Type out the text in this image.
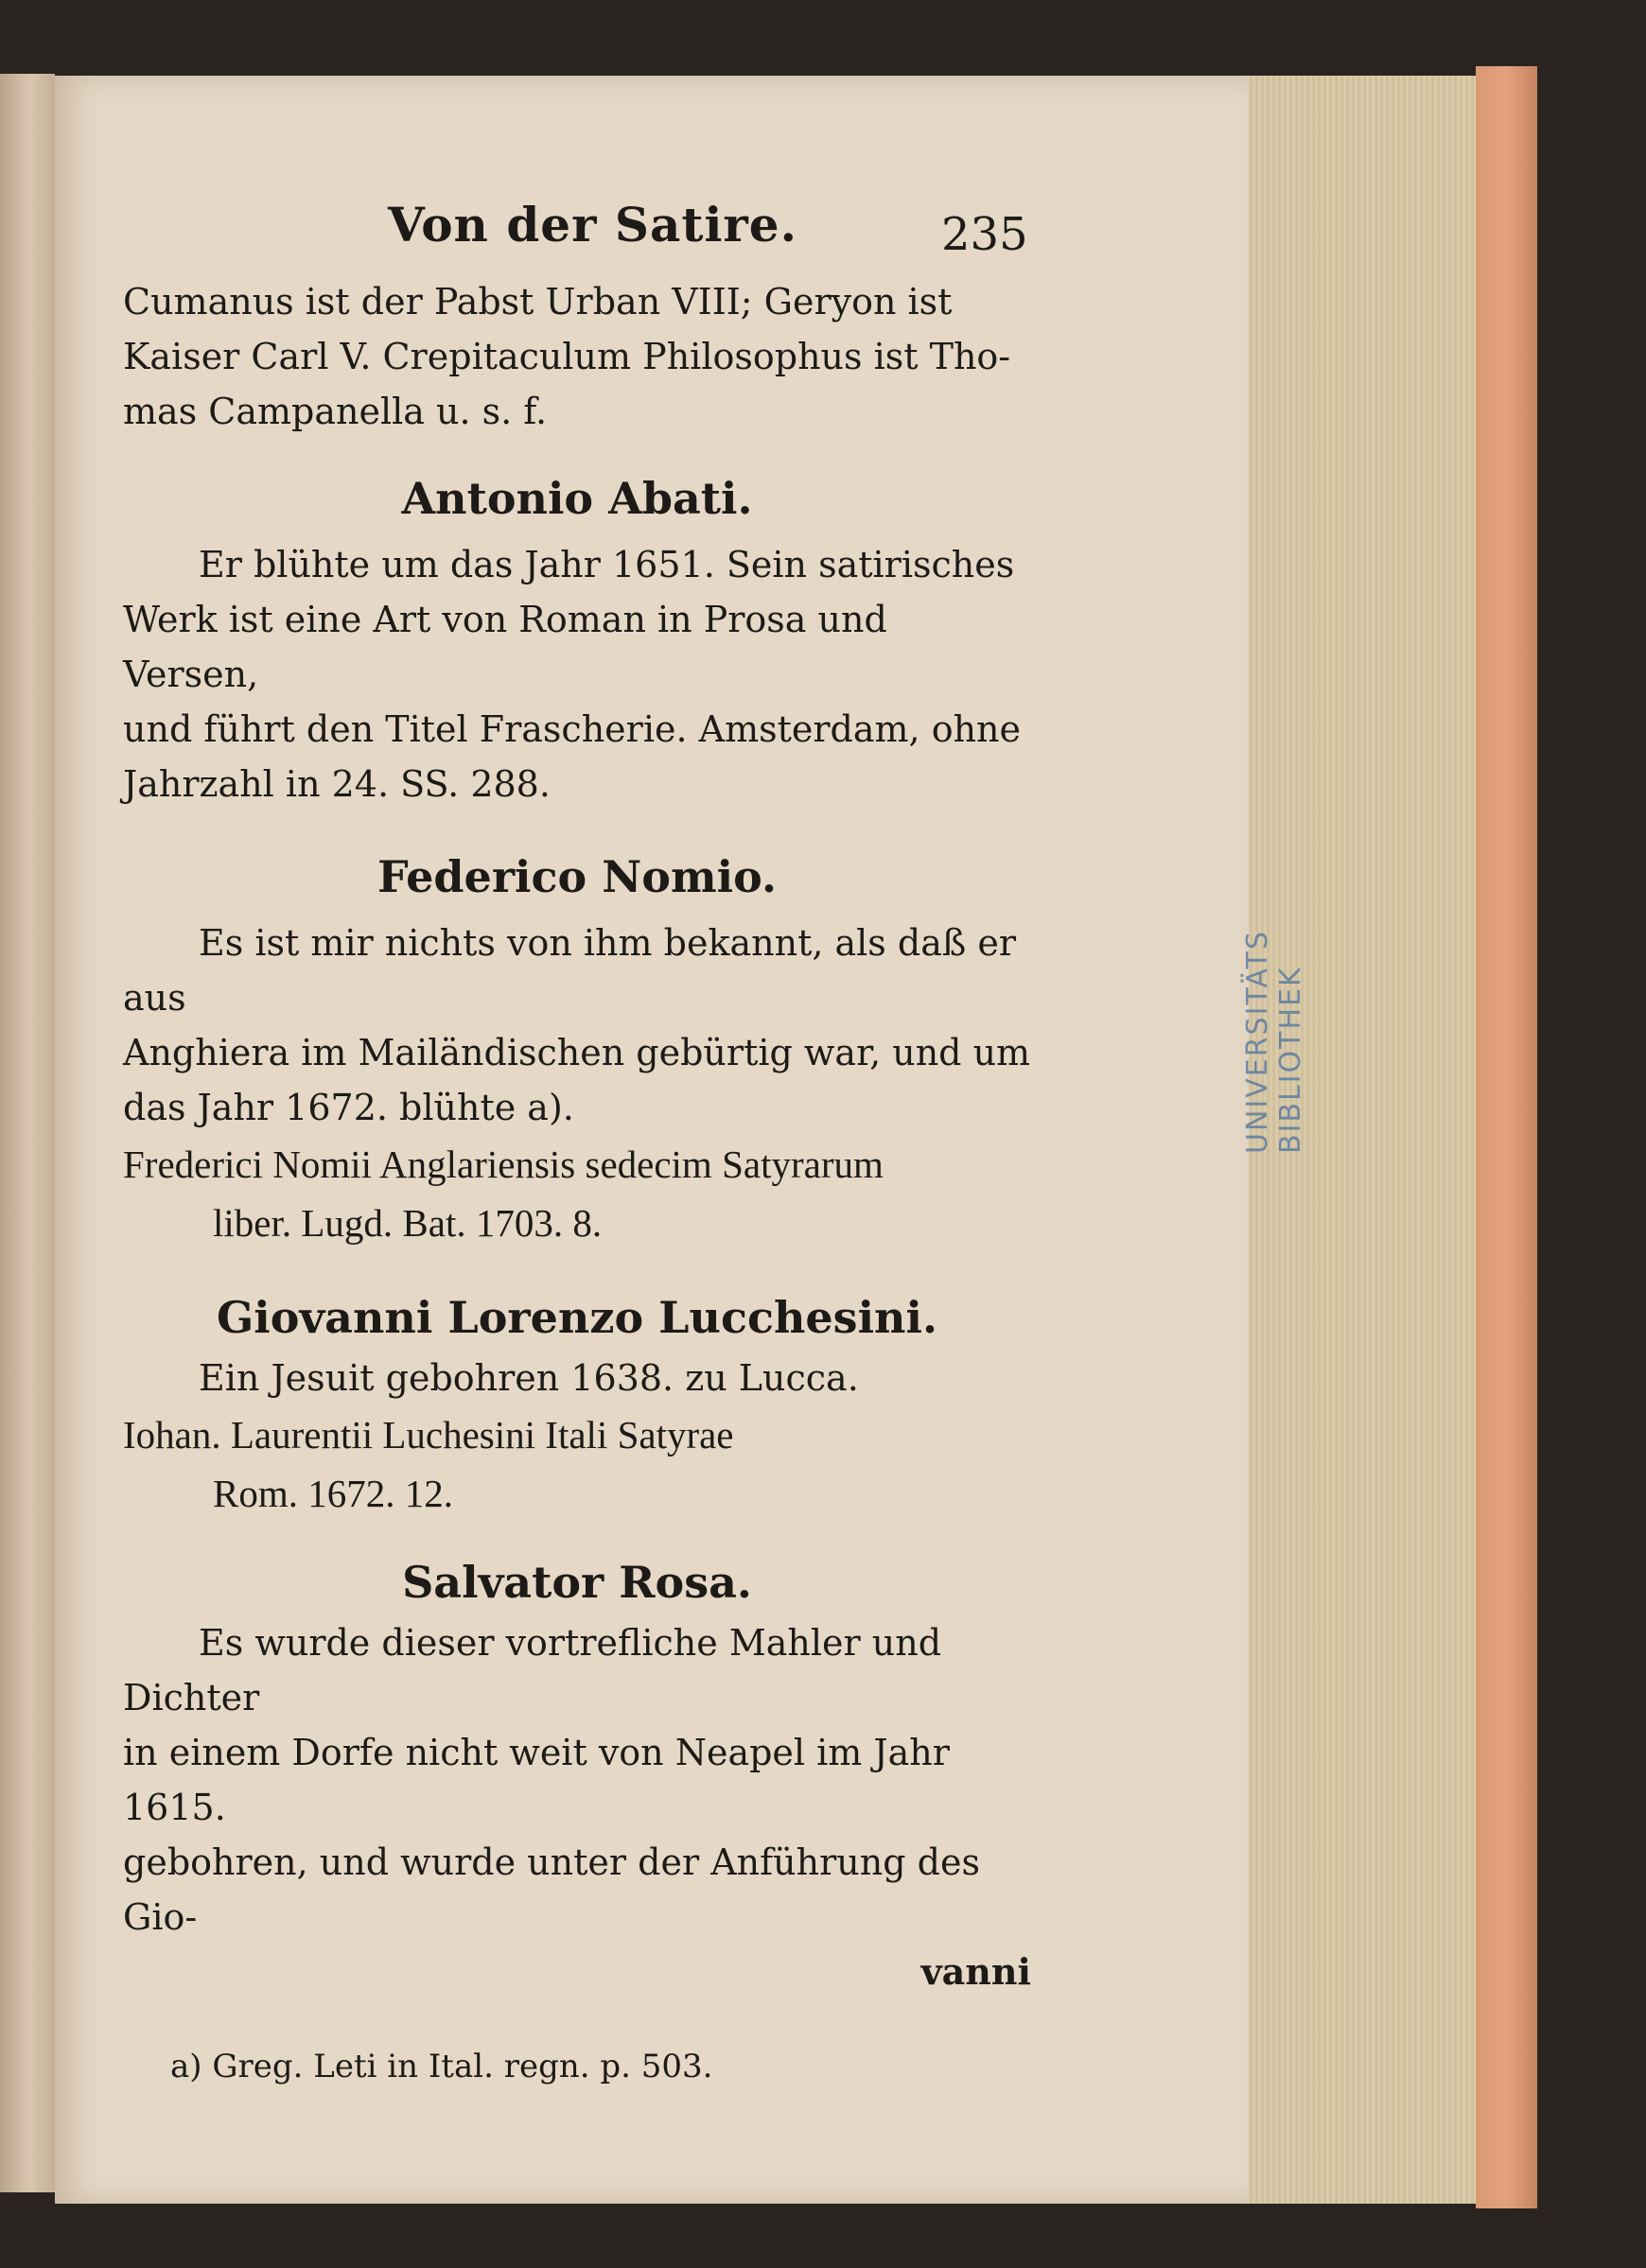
UNIVERSITÄTS BIBLIOTHEK
Von der Satire.	235

Cumanus ist der Pabst Urban VIII; Geryon ist

Kaiser Carl V. Crepitaculum Philosophus ist Tho-

mas Campanella u. s. f.

Antonio Abati.

Er blühte um das Jahr 1651. Sein satirisches

Werk ist eine Art von Roman in Prosa und Versen,

und führt den Titel Frascherie. Amsterdam, ohne

Jahrzahl in 24. SS. 288.

Federico Nomio.

Es ist mir nichts von ihm bekannt, als daß er aus

Anghiera im Mailändischen gebürtig war, und um

das Jahr 1672. blühte a).

Frederici Nomii Anglariensis sedecim Satyrarum

liber. Lugd. Bat. 1703. 8.

Giovanni Lorenzo Lucchesini.

Ein Jesuit gebohren 1638. zu Lucca.

Iohan. Laurentii Luchesini Itali Satyrae

Rom. 1672. 12.

Salvator Rosa.

Es wurde dieser vortrefliche Mahler und Dichter

in einem Dorfe nicht weit von Neapel im Jahr 1615.

gebohren, und wurde unter der Anführung des Gio-

vanni

a) Greg. Leti in Ital. regn. p. 503.
